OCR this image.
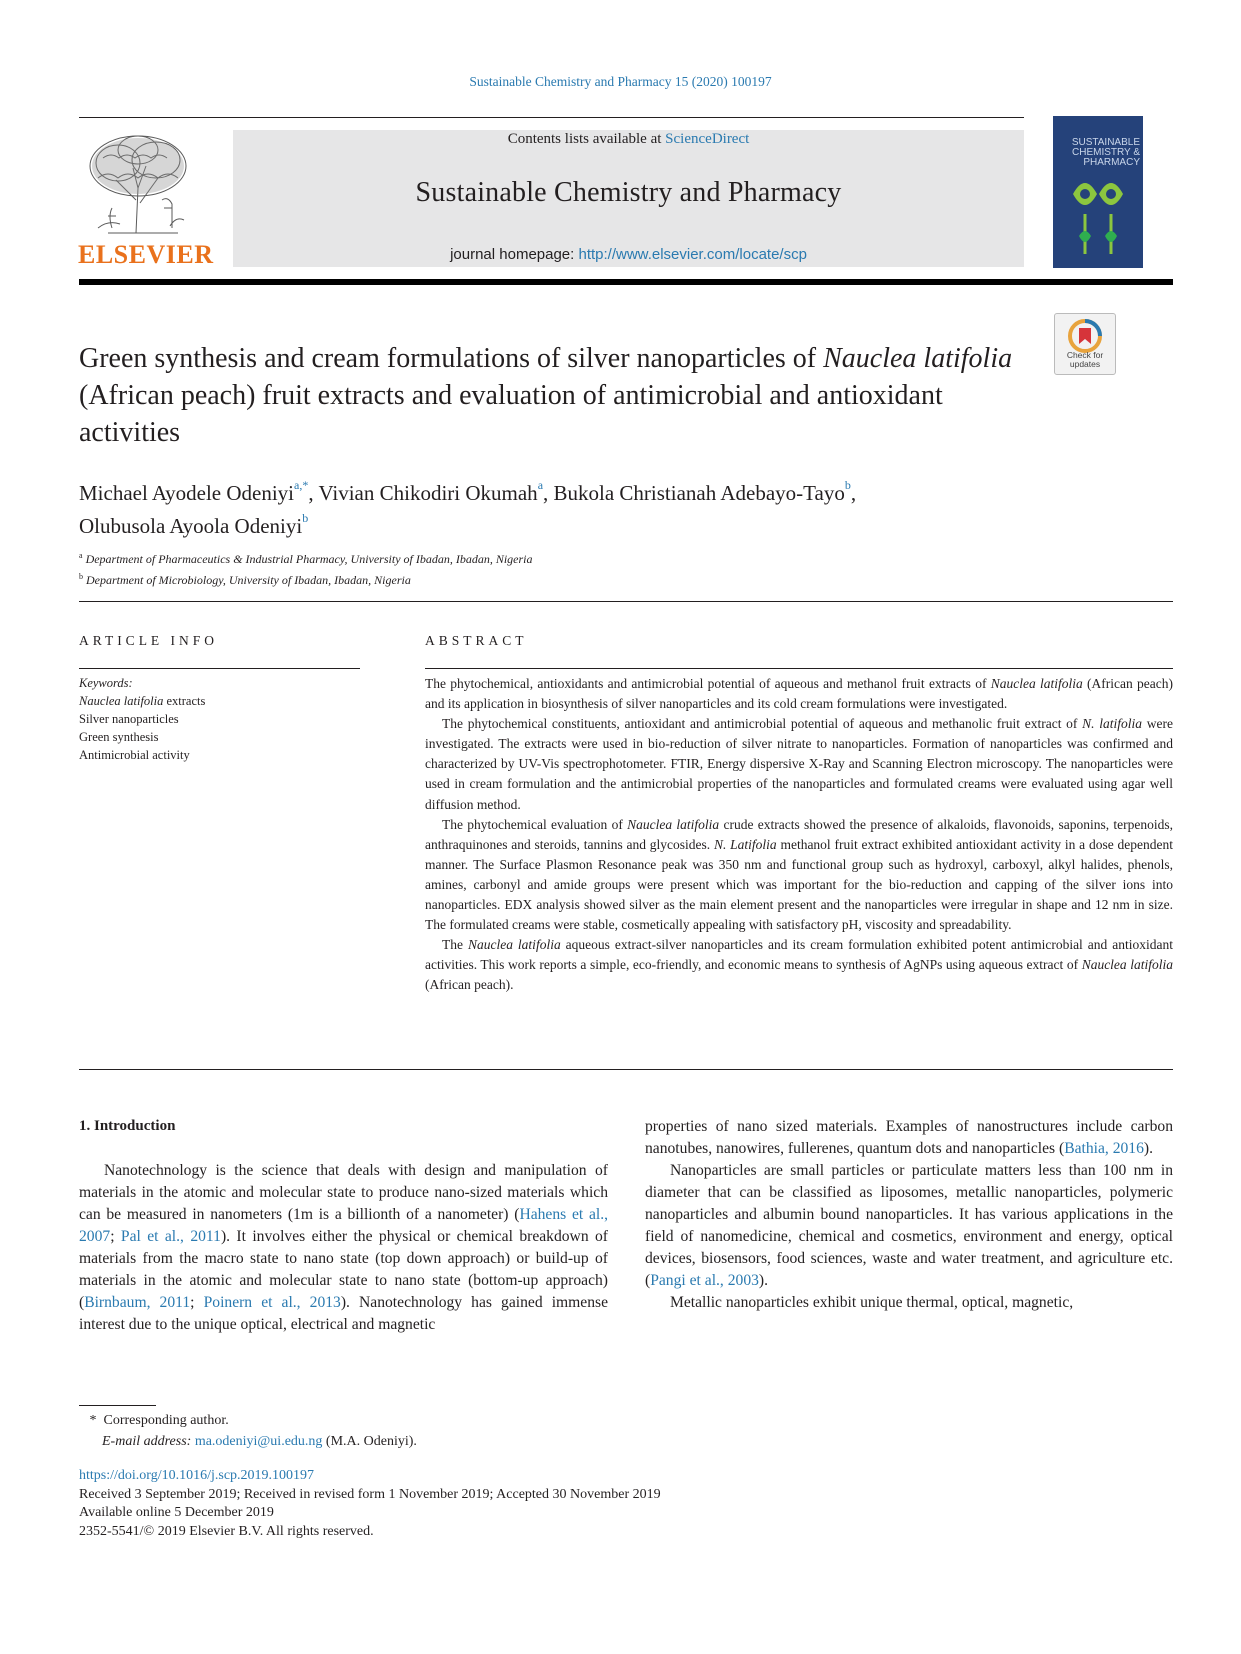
Sustainable Chemistry and Pharmacy 15 (2020) 100197
ELSEVIER
Contents lists available at ScienceDirect
Sustainable Chemistry and Pharmacy
journal homepage: http://www.elsevier.com/locate/scp
SUSTAINABLE CHEMISTRY & PHARMACY
Check for updates
Green synthesis and cream formulations of silver nanoparticles of Nauclea latifolia (African peach) fruit extracts and evaluation of antimicrobial and antioxidant activities
Michael Ayodele Odeniyi$^{a,*}$, Vivian Chikodiri Okumah$^a$, Bukola Christianah Adebayo-Tayo$^b$,
Olubusola Ayoola Odeniyi$^b$
$^a$ Department of Pharmaceutics & Industrial Pharmacy, University of Ibadan, Ibadan, Nigeria
$^b$ Department of Microbiology, University of Ibadan, Ibadan, Nigeria
ARTICLE INFO
Keywords:
Nauclea latifolia extracts
Silver nanoparticles
Green synthesis
Antimicrobial activity
ABSTRACT

The phytochemical, antioxidants and antimicrobial potential of aqueous and methanol fruit extracts of Nauclea latifolia (African peach) and its application in biosynthesis of silver nanoparticles and its cold cream formulations were investigated.

The phytochemical constituents, antioxidant and antimicrobial potential of aqueous and methanolic fruit extract of N. latifolia were investigated. The extracts were used in bio-reduction of silver nitrate to nanoparticles. Formation of nanoparticles was confirmed and characterized by UV-Vis spectrophotometer. FTIR, Energy dispersive X-Ray and Scanning Electron microscopy. The nanoparticles were used in cream formulation and the antimicrobial properties of the nanoparticles and formulated creams were evaluated using agar well diffusion method.

The phytochemical evaluation of Nauclea latifolia crude extracts showed the presence of alkaloids, flavonoids, saponins, terpenoids, anthraquinones and steroids, tannins and glycosides. N. Latifolia methanol fruit extract exhibited antioxidant activity in a dose dependent manner. The Surface Plasmon Resonance peak was 350 nm and functional group such as hydroxyl, carboxyl, alkyl halides, phenols, amines, carbonyl and amide groups were present which was important for the bio-reduction and capping of the silver ions into nanoparticles. EDX analysis showed silver as the main element present and the nanoparticles were irregular in shape and 12 nm in size. The formulated creams were stable, cosmetically appealing with satisfactory pH, viscosity and spreadability.

The Nauclea latifolia aqueous extract-silver nanoparticles and its cream formulation exhibited potent antimicrobial and antioxidant activities. This work reports a simple, eco-friendly, and economic means to synthesis of AgNPs using aqueous extract of Nauclea latifolia (African peach).

1. Introduction

Nanotechnology is the science that deals with design and manipulation of materials in the atomic and molecular state to produce nano-sized materials which can be measured in nanometers (1m is a billionth of a nanometer) (Hahens et al., 2007; Pal et al., 2011). It involves either the physical or chemical breakdown of materials from the macro state to nano state (top down approach) or build-up of materials in the atomic and molecular state to nano state (bottom-up approach) (Birnbaum, 2011; Poinern et al., 2013). Nanotechnology has gained immense interest due to the unique optical, electrical and magnetic

properties of nano sized materials. Examples of nanostructures include carbon nanotubes, nanowires, fullerenes, quantum dots and nanoparticles (Bathia, 2016).

Nanoparticles are small particles or particulate matters less than 100 nm in diameter that can be classified as liposomes, metallic nanoparticles, polymeric nanoparticles and albumin bound nanoparticles. It has various applications in the field of nanomedicine, chemical and cosmetics, environment and energy, optical devices, biosensors, food sciences, waste and water treatment, and agriculture etc. (Pangi et al., 2003).

Metallic nanoparticles exhibit unique thermal, optical, magnetic,

* Corresponding author.
E-mail address: ma.odeniyi@ui.edu.ng (M.A. Odeniyi).
https://doi.org/10.1016/j.scp.2019.100197
Received 3 September 2019; Received in revised form 1 November 2019; Accepted 30 November 2019
Available online 5 December 2019
2352-5541/© 2019 Elsevier B.V. All rights reserved.
